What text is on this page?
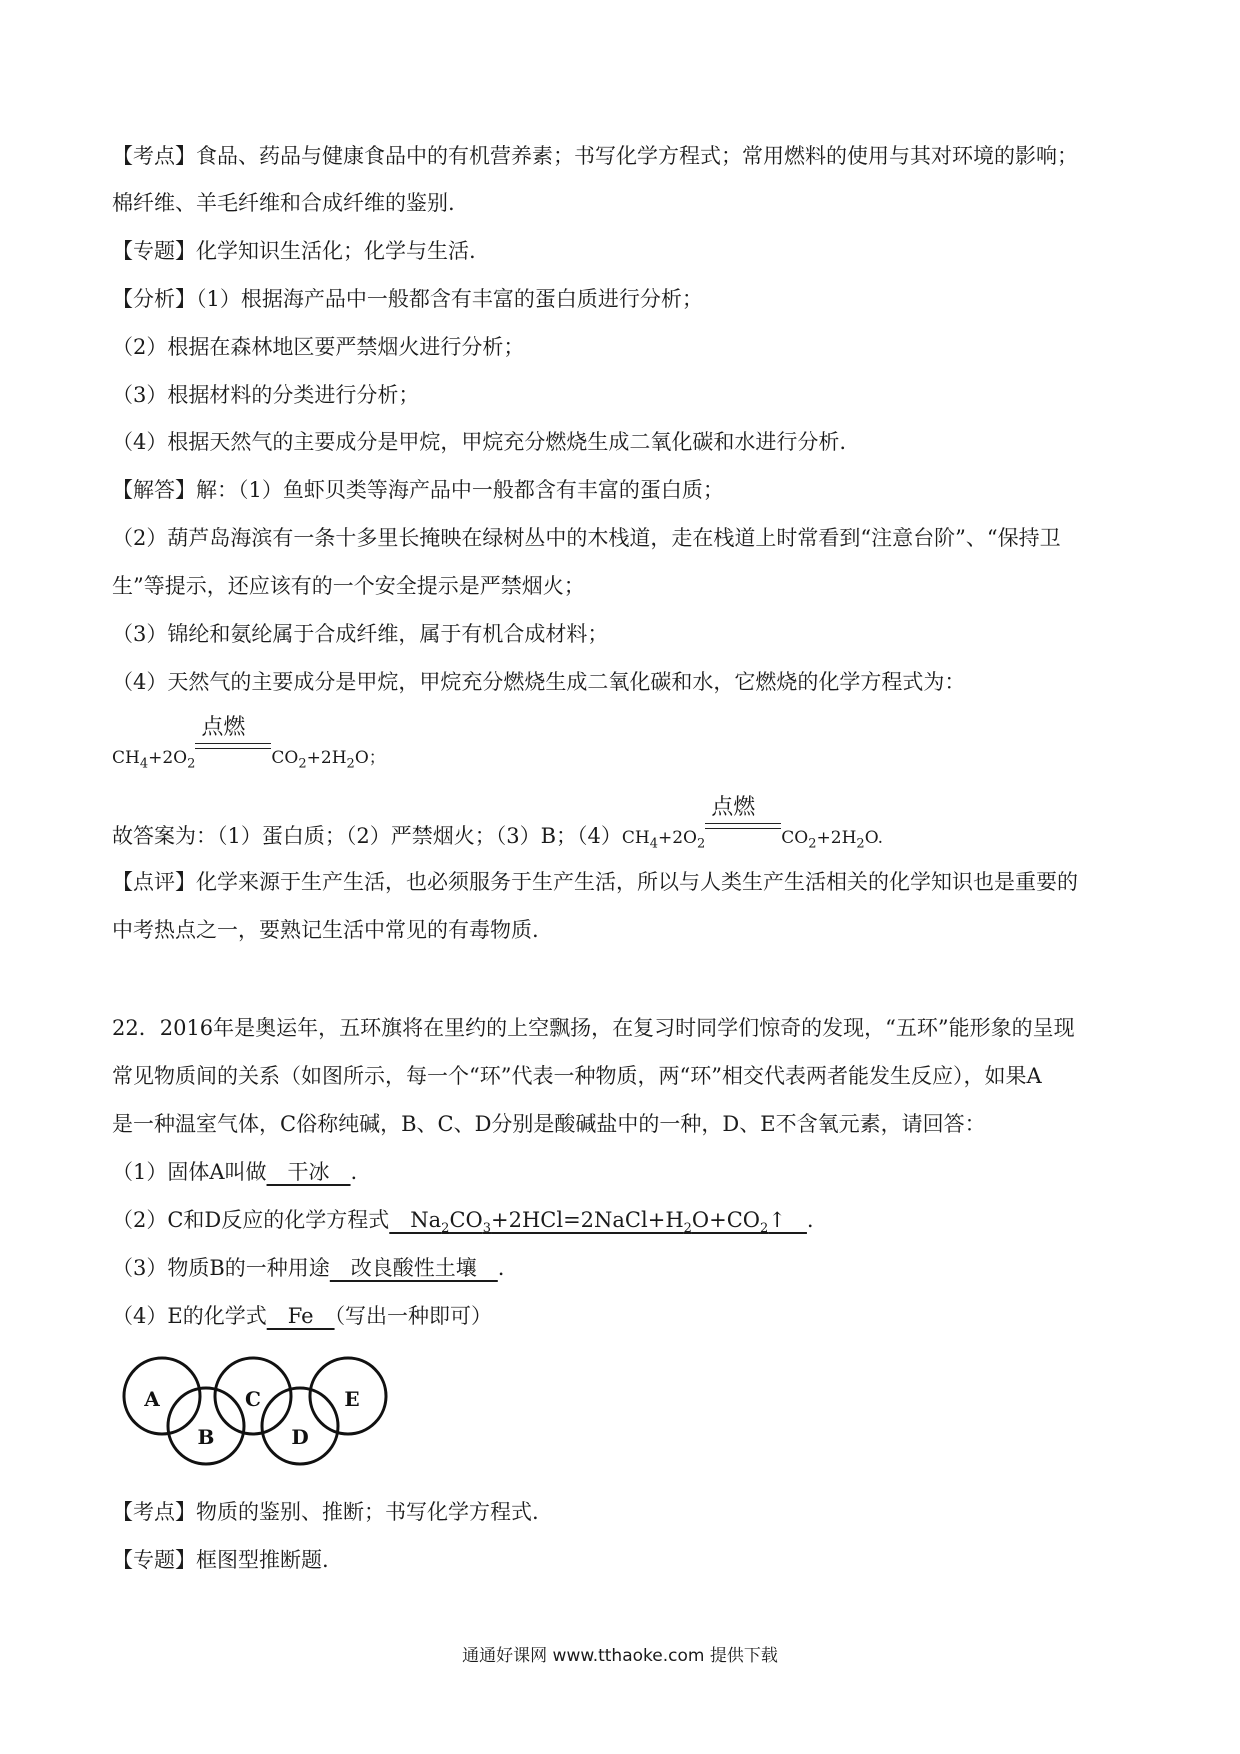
【考点】食品、药品与健康食品中的有机营养素；书写化学方程式；常用燃料的使用与其对环境的影响；
棉纤维、羊毛纤维和合成纤维的鉴别.
【专题】化学知识生活化；化学与生活.
【分析】（1）根据海产品中一般都含有丰富的蛋白质进行分析；
（2）根据在森林地区要严禁烟火进行分析；
（3）根据材料的分类进行分析；
（4）根据天然气的主要成分是甲烷，甲烷充分燃烧生成二氧化碳和水进行分析.
【解答】解：（1）鱼虾贝类等海产品中一般都含有丰富的蛋白质；
（2）葫芦岛海滨有一条十多里长掩映在绿树丛中的木栈道，走在栈道上时常看到“注意台阶”、“保持卫
生”等提示，还应该有的一个安全提示是严禁烟火；
（3）锦纶和氨纶属于合成纤维，属于有机合成材料；
（4）天然气的主要成分是甲烷，甲烷充分燃烧生成二氧化碳和水，它燃烧的化学方程式为：
$CH_4+2O_2$
点燃
$CO_2+2H_2O$；
故答案为：（1）蛋白质；（2）严禁烟火；（3）B；$(4)CH_4+2O_2$
点燃
$CO_2+2H_2O$.
【点评】化学来源于生产生活，也必须服务于生产生活，所以与人类生产生活相关的化学知识也是重要的
中考热点之一，要熟记生活中常见的有毒物质.
22．2016年是奥运年，五环旗将在里约的上空飘扬，在复习时同学们惊奇的发现，“五环”能形象的呈现
常见物质间的关系（如图所示，每一个“环”代表一种物质，两“环”相交代表两者能发生反应），如果A
是一种温室气体，C俗称纯碱，B、C、D分别是酸碱盐中的一种，D、E不含氧元素，请回答：
（1）固体A叫做　干冰　.
（2）C和D反应的化学方程式　$Na_2CO_3+2HCl=2NaCl+H_2O+CO_2↑$　.
（3）物质B的一种用途　改良酸性土壤　.
（4）E的化学式　Fe　（写出一种即可）
A
B
C
D
E
【考点】物质的鉴别、推断；书写化学方程式.
【专题】框图型推断题.
通通好课网 www.tthaoke.com 提供下载
